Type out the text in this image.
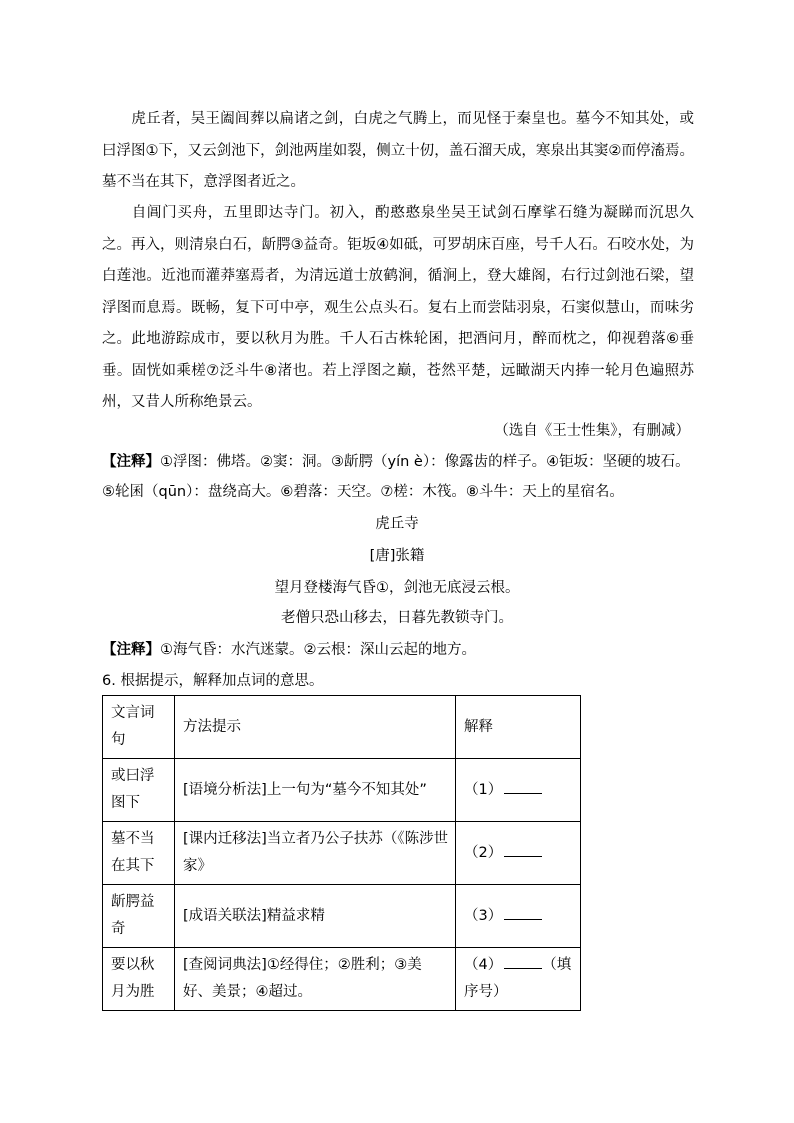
虎丘者，吴王阖闾葬以扁诸之剑，白虎之气腾上，而见怪于秦皇也。墓今不知其处，或曰浮图①下，又云剑池下，剑池两崖如裂，侧立十仞，盖石溜天成，寒泉出其窦②而停滀焉。墓不当在其下，意浮图者近之。

自阊门买舟，五里即达寺门。初入，酌憨憨泉坐吴王试剑石摩挲石缝为凝睇而沉思久之。再入，则清泉白石，龂腭③益奇。钜坂④如砥，可罗胡床百座，号千人石。石咬水处，为白莲池。近池而灌莽塞焉者，为清远道士放鹤涧，循涧上，登大雄阁，右行过剑池石梁，望浮图而息焉。既畅，复下可中亭，观生公点头石。复右上而尝陆羽泉，石窦似慧山，而味劣之。 此地游踪成市，要以秋月为胜。千人石古株轮囷，把酒问月，醉而枕之，仰视碧落⑥垂垂。固恍如乘槎⑦泛斗牛⑧渚也。若上浮图之巅，苍然平楚，远瞰湖天内捧一轮月色遍照苏州，又昔人所称绝景云。

（选自《王士性集》，有删减）

【注释】①浮图：佛塔。②窦：洞。③龂腭（yín è）：像露齿的样子。④钜坂：坚硬的坡石。

⑤轮囷（qūn）：盘绕高大。⑥碧落：天空。⑦槎：木筏。⑧斗牛：天上的星宿名。

虎丘寺

[唐]张籍

望月登楼海气昏①，剑池无底浸云根。

老僧只恐山移去，日暮先教锁寺门。

【注释】①海气昏：水汽迷蒙。②云根：深山云起的地方。

6. 根据提示，解释加点词的意思。

文言词句	方法提示	解释
或曰浮图下	[语境分析法]上一句为“墓今不知其处”	（1）
墓不当在其下	[课内迁移法]当立者乃公子扶苏（《陈涉世家》	（2）
龂腭益奇	[成语关联法]精益求精	（3）
要以秋月为胜	[查阅词典法]①经得住；②胜利；③美好、美景；④超过。	（4） （填序号）
